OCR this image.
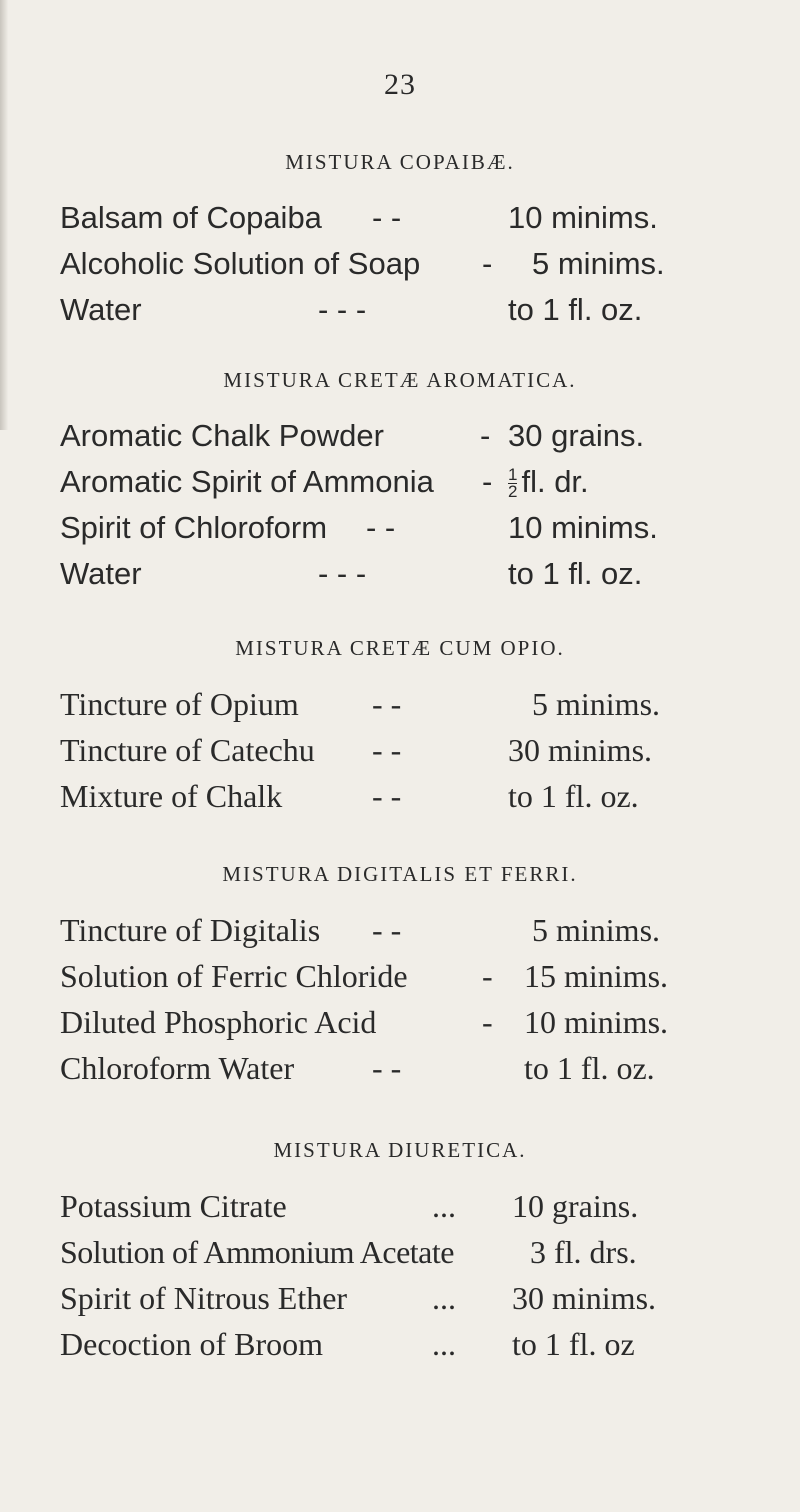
23
MISTURA COPAIBÆ.
Balsam of Copaiba - -	10 minims.
Alcoholic Solution of Soap - 5 minims.
Water	- - -	to 1 fl. oz.
MISTURA CRETÆ AROMATICA.
Aromatic Chalk Powder	- 30 grains.
Aromatic Spirit of Ammonia - $\frac{1}{2}$ fl. dr.
Spirit of Chloroform - -	10 minims.
Water	- - -	to 1 fl. oz.
MISTURA CRETÆ CUM OPIO.
Tincture of Opium - -	5 minims.
Tincture of Catechu - -	30 minims.
Mixture of Chalk	- -	to 1 fl. oz.
MISTURA DIGITALIS ET FERRI.
Tincture of Digitalis - -	5 minims.
Solution of Ferric Chloride - 15 minims.
Diluted Phosphoric Acid	- 10 minims.
Chloroform Water - -	to 1 fl. oz.
MISTURA DIURETICA.
Potassium Citrate	... 10 grains.
Solution of Ammonium Acetate 3 fl. drs.
Spirit of Nitrous Ether	... 30 minims.
Decoction of Broom	... to 1 fl. oz
